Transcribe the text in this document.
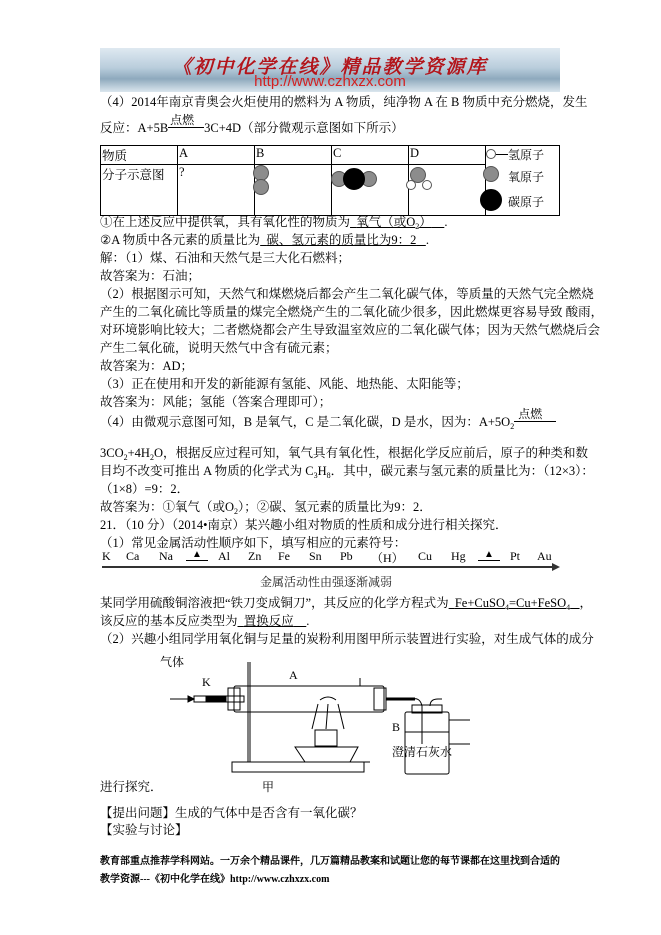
《初中化学在线》精品教学资源库
http://www.czhxzx.com
（4）2014年南京青奥会火炬使用的燃料为 A 物质，纯净物 A 在 B 物质中充分燃烧，发生
反应：A+5B
点燃
3C+4D（部分微观示意图如下所示）
物质	A	B	C	D	
分子示意图	?				
氢原子
氧原子
碳原子
①在上述反应中提供氧，具有氧化性的物质为 氧气（或$O_2$） .
②A 物质中各元素的质量比为 碳、氢元素的质量比为9：2 .
解：（1）煤、石油和天然气是三大化石燃料；
故答案为：石油；
（2）根据图示可知，天然气和煤燃烧后都会产生二氧化碳气体，等质量的天然气完全燃烧
产生的二氧化硫比等质量的煤完全燃烧产生的二氧化硫少很多，因此燃煤更容易导致 酸雨，
对环境影响比较大；二者燃烧都会产生导致温室效应的二氧化碳气体；因为天然气燃烧后会
产生二氧化硫，说明天然气中含有硫元素；
故答案为：AD；
（3）正在使用和开发的新能源有氢能、风能、地热能、太阳能等；
故答案为：风能；氢能（答案合理即可）；
（4）由微观示意图可知，B 是氧气，C 是二氧化碳，D 是水，因为：$A+5O_2$
点燃
$3CO_2+4H_2O$，根据反应过程可知，氧气具有氧化性，根据化学反应前后，原子的种类和数
目均不改变可推出 A 物质的化学式为 $C_3H_8$．其中，碳元素与氢元素的质量比为：（12×3）：
（1×8）=9：2．
故答案为：①氧气（或$O_2$）；②碳、氢元素的质量比为9：2．
21．（10 分）（2014•南京）某兴趣小组对物质的性质和成分进行相关探究．
（1）常见金属活动性顺序如下，填写相应的元素符号：
K Ca Na	▲	Al Zn Fe Sn Pb （H） Cu Hg	▲	Pt Au
金属活动性由强逐渐减弱
某同学用硫酸铜溶液把“铁刀变成铜刀”，其反应的化学方程式为 Fe+CuSO$_4$=Cu+FeSO$_4$ ，
该反应的基本反应类型为 置换反应 .
（2）兴趣小组同学用氧化铜与足量的炭粉利用图甲所示装置进行实验，对生成气体的成分
气体
K	A
B
澄清石灰水
甲
进行探究．
【提出问题】生成的气体中是否含有一氧化碳？
【实验与讨论】
教育部重点推荐学科网站。一万余个精品课件，几万篇精品教案和试题让您的每节课都在这里找到合适的
教学资源---《初中化学在线》http://www.czhxzx.com
